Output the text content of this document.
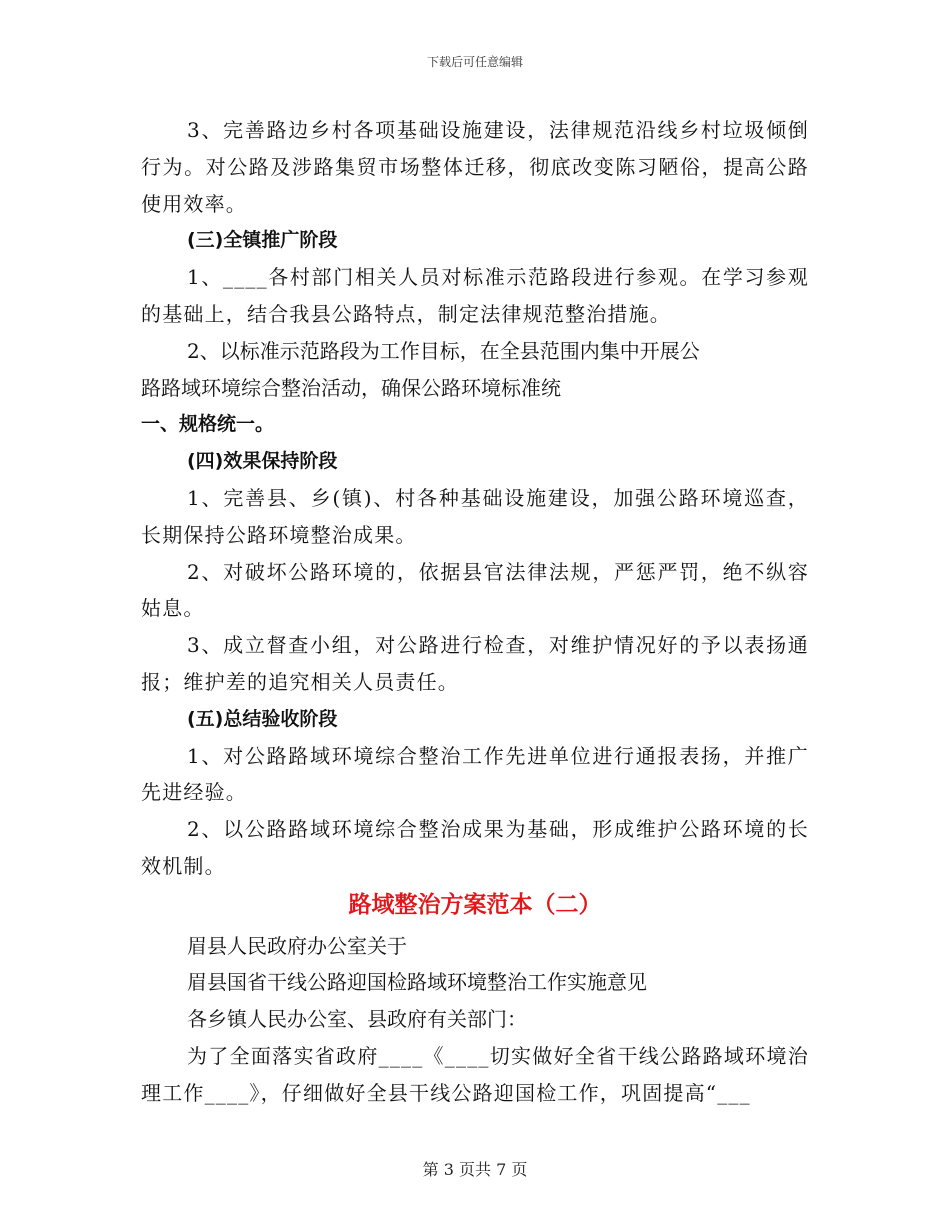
下载后可任意编辑

3、完善路边乡村各项基础设施建设，法律规范沿线乡村垃圾倾倒行为。对公路及涉路集贸市场整体迁移，彻底改变陈习陋俗，提高公路使用效率。

(三)全镇推广阶段

1、____各村部门相关人员对标准示范路段进行参观。在学习参观的基础上，结合我县公路特点，制定法律规范整治措施。

2、以标准示范路段为工作目标，在全县范围内集中开展公

路路域环境综合整治活动，确保公路环境标准统

一、规格统一。

(四)效果保持阶段

1、完善县、乡(镇)、村各种基础设施建设，加强公路环境巡查，长期保持公路环境整治成果。

2、对破坏公路环境的，依据县官法律法规，严惩严罚，绝不纵容姑息。

3、成立督查小组，对公路进行检查，对维护情况好的予以表扬通报；维护差的追究相关人员责任。

(五)总结验收阶段

1、对公路路域环境综合整治工作先进单位进行通报表扬，并推广先进经验。

2、以公路路域环境综合整治成果为基础，形成维护公路环境的长效机制。

路域整治方案范本（二）

眉县人民政府办公室关于

眉县国省干线公路迎国检路域环境整治工作实施意见

各乡镇人民办公室、县政府有关部门：

为了全面落实省政府____《____切实做好全省干线公路路域环境治理工作____》，仔细做好全县干线公路迎国检工作，巩固提高“___

第 3 页共 7 页
